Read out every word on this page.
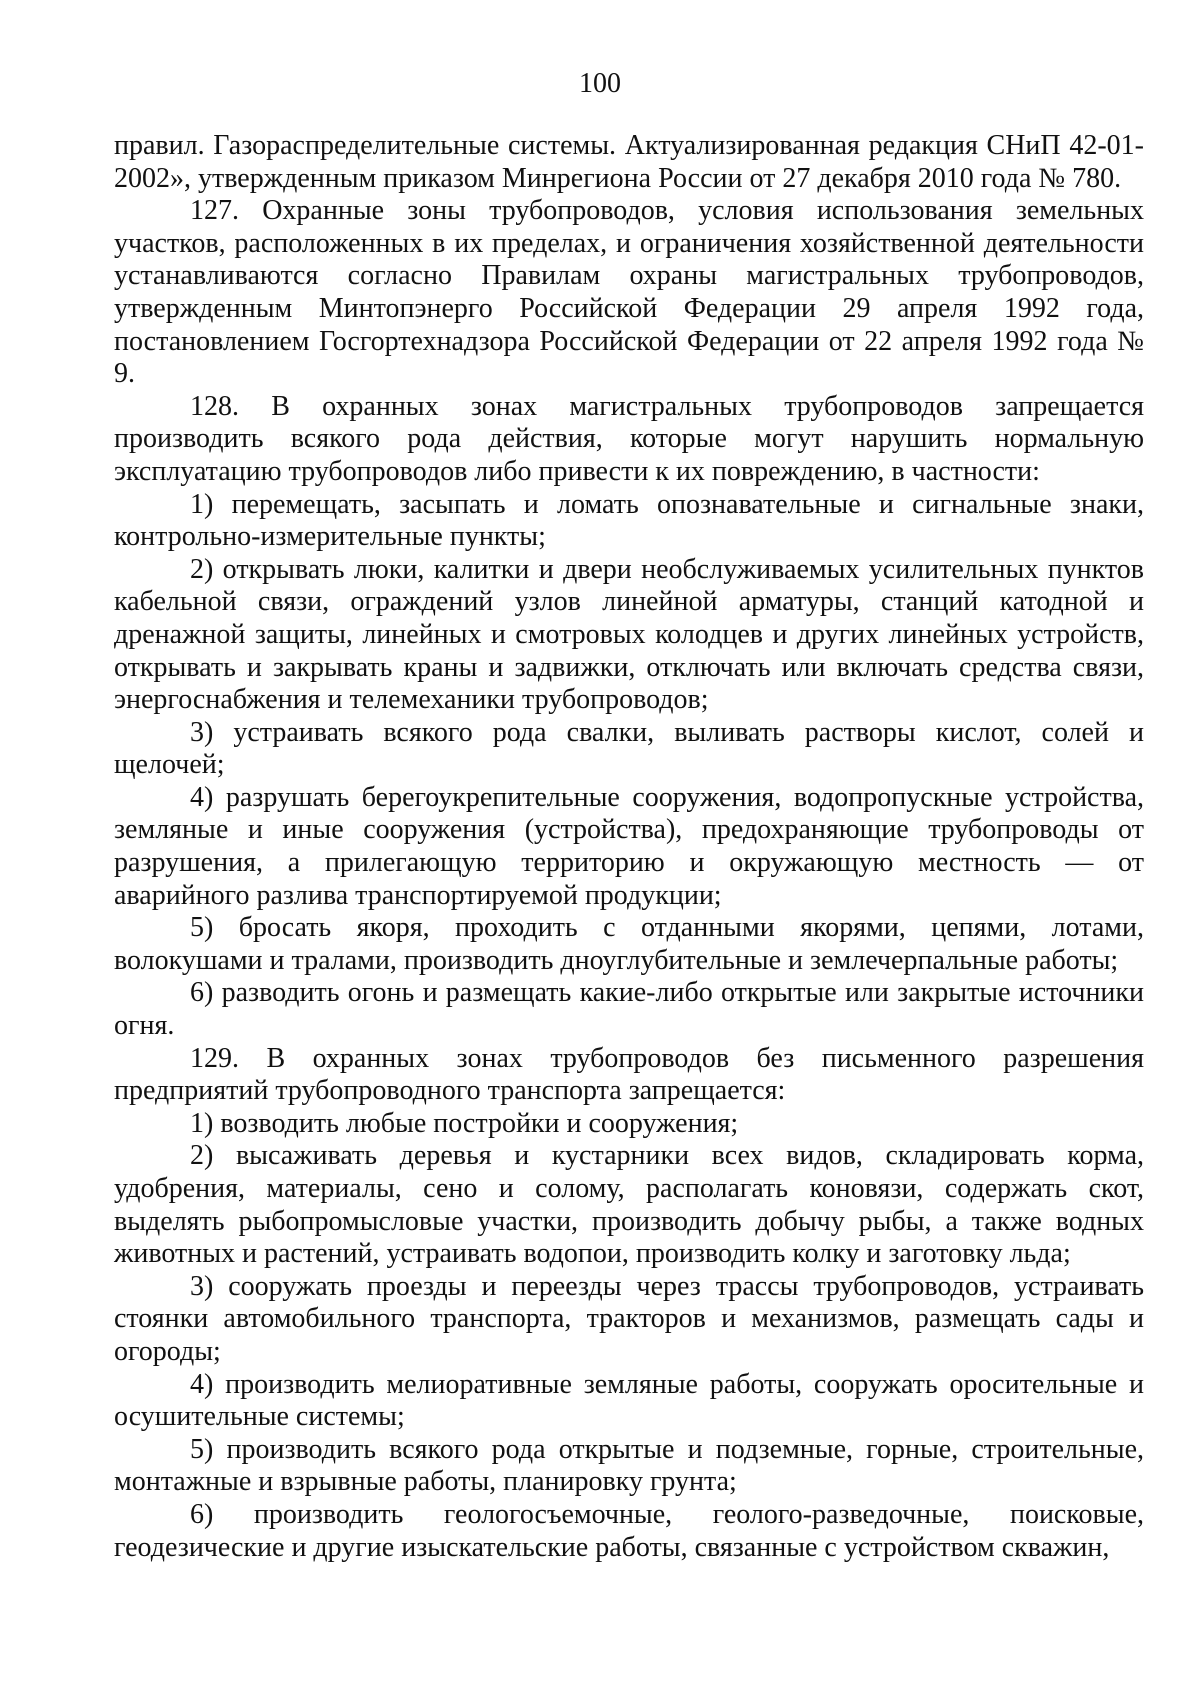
100

правил. Газораспределительные системы. Актуализированная редакция СНиП 42-01-2002», утвержденным приказом Минрегиона России от 27 декабря 2010 года № 780.

127. Охранные зоны трубопроводов, условия использования земельных участков, расположенных в их пределах, и ограничения хозяйственной деятельности устанавливаются согласно Правилам охраны магистральных трубопроводов, утвержденным Минтопэнерго Российской Федерации 29 апреля 1992 года, постановлением Госгортехнадзора Российской Федерации от 22 апреля 1992 года № 9.

128. В охранных зонах магистральных трубопроводов запрещается производить всякого рода действия, которые могут нарушить нормальную эксплуатацию трубопроводов либо привести к их повреждению, в частности:

1) перемещать, засыпать и ломать опознавательные и сигнальные знаки, контрольно-измерительные пункты;

2) открывать люки, калитки и двери необслуживаемых усилительных пунктов кабельной связи, ограждений узлов линейной арматуры, станций катодной и дренажной защиты, линейных и смотровых колодцев и других линейных устройств, открывать и закрывать краны и задвижки, отключать или включать средства связи, энергоснабжения и телемеханики трубопроводов;

3) устраивать всякого рода свалки, выливать растворы кислот, солей и щелочей;

4) разрушать берегоукрепительные сооружения, водопропускные устройства, земляные и иные сооружения (устройства), предохраняющие трубопроводы от разрушения, а прилегающую территорию и окружающую местность — от аварийного разлива транспортируемой продукции;

5) бросать якоря, проходить с отданными якорями, цепями, лотами, волокушами и тралами, производить дноуглубительные и землечерпальные работы;

6) разводить огонь и размещать какие-либо открытые или закрытые источники огня.

129. В охранных зонах трубопроводов без письменного разрешения предприятий трубопроводного транспорта запрещается:

1) возводить любые постройки и сооружения;

2) высаживать деревья и кустарники всех видов, складировать корма, удобрения, материалы, сено и солому, располагать коновязи, содержать скот, выделять рыбопромысловые участки, производить добычу рыбы, а также водных животных и растений, устраивать водопои, производить колку и заготовку льда;

3) сооружать проезды и переезды через трассы трубопроводов, устраивать стоянки автомобильного транспорта, тракторов и механизмов, размещать сады и огороды;

4) производить мелиоративные земляные работы, сооружать оросительные и осушительные системы;

5) производить всякого рода открытые и подземные, горные, строительные, монтажные и взрывные работы, планировку грунта;

6) производить геологосъемочные, геолого-разведочные, поисковые, геодезические и другие изыскательские работы, связанные с устройством скважин,
